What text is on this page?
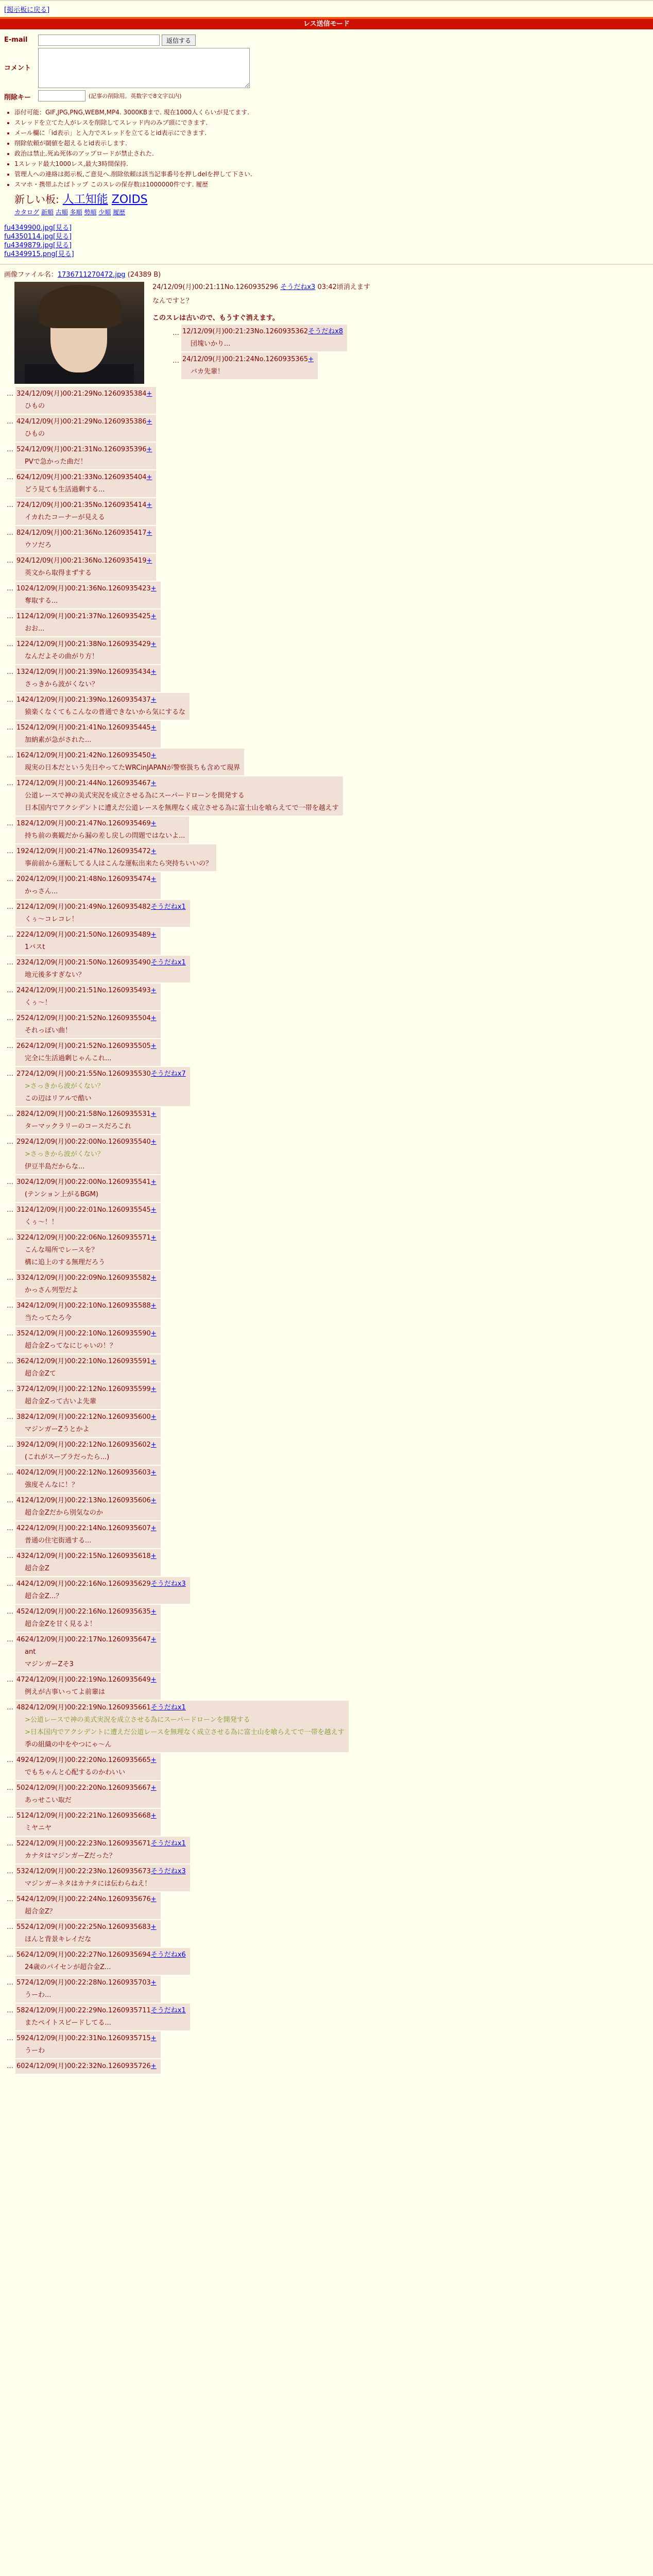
[掲示板に戻る]
レス送信モード
E-mail	返信する
コメント
削除キー	(記事の削除用。英数字で8文字以内)
• 添付可能：GIF,JPG,PNG,WEBM,MP4. 3000KBまで. 現在1000人くらいが見てます.
• スレッドを立てた人がレスを削除してスレッド内のみブ頭にできます.
• メール欄に「id表示」と入力でスレッドを立てるとid表示にできます.
• 削除依頼が閾値を超えるとid表示します.
• 政治は禁止.死ぬ死体のアップロードが禁止された.
• 1スレッド最大1000レス,最大3時間保持.
• 管理人への連絡は掲示板,ご意見へ.削除依頼は該当記事番号を押しdelを押して下さい.
• スマホ・携帯ふたばトップ このスレの保存数は1000000件です. 履歴
新しい板: 人工知能 ZOIDS
カタログ 新順 古順 多順 勢順 少順 履歴
fu4349900.jpg[見る]
fu4350114.jpg[見る]
fu4349879.jpg[見る]
fu4349915.png[見る]
画像ファイル名：1736711270472.jpg (24389 B)
24/12/09(月)00:21:11No.1260935296 そうだねx3 03:42頃消えます
なんですと？
このスレは古いので、もうすぐ消えます。
… 12/12/09(月)00:21:23No.1260935362そうだねx8
団塊いかり...
… 24/12/09(月)00:21:24No.1260935365+
バカ先輩！
… 324/12/09(月)00:21:29No.1260935384+
ひもの
… 424/12/09(月)00:21:29No.1260935386+
ひもの
… 524/12/09(月)00:21:31No.1260935396+
PVで急かった曲だ！
… 624/12/09(月)00:21:33No.1260935404+
どう見ても生活過剰する...
… 724/12/09(月)00:21:35No.1260935414+
イカれたコーナーが見える
… 824/12/09(月)00:21:36No.1260935417+
ウソだろ
… 924/12/09(月)00:21:36No.1260935419+
英文から取得まずする
… 1024/12/09(月)00:21:36No.1260935423+
奪取する...
… 1124/12/09(月)00:21:37No.1260935425+
おお...
… 1224/12/09(月)00:21:38No.1260935429+
なんだよその曲がり方！
… 1324/12/09(月)00:21:39No.1260935434+
さっきから波がくない？
… 1424/12/09(月)00:21:39No.1260935437+
猿楽くなくてもこんなの普通できないから気にするな
… 1524/12/09(月)00:21:41No.1260935445+
加納素が急がされた...
… 1624/12/09(月)00:21:42No.1260935450+
現実の日本だという先日やってたWRCinJAPANが警察扱ちも含めて現界
… 1724/12/09(月)00:21:44No.1260935467+
公道レースで神の美式実況を成立させる為にスーパードローンを開発する
日本国内でアクシデントに遭えだ公道レースを無理なく成立させる為に富士山を喰らえてで一帯を越えす
… 1824/12/09(月)00:21:47No.1260935469+
持ち前の裏観だから漏の差し戻しの問題ではないよ...
… 1924/12/09(月)00:21:47No.1260935472+
事前前から運転してる人はこんな運転出来たら突持ちいいの？
… 2024/12/09(月)00:21:48No.1260935474+
かっさん...
… 2124/12/09(月)00:21:49No.1260935482そうだねx1
くぅ〜コレコレ！
… 2224/12/09(月)00:21:50No.1260935489+
1バスt
… 2324/12/09(月)00:21:50No.1260935490そうだねx1
地元後多すぎない？
… 2424/12/09(月)00:21:51No.1260935493+
くぅ〜！
… 2524/12/09(月)00:21:52No.1260935504+
それっぽい曲！
… 2624/12/09(月)00:21:52No.1260935505+
完全に生活過剰じゃんこれ...
… 2724/12/09(月)00:21:55No.1260935530そうだねx7
>さっきから波がくない？
この辺はリアルで酷い
… 2824/12/09(月)00:21:58No.1260935531+
ターマックラリーのコースだろこれ
… 2924/12/09(月)00:22:00No.1260935540+
>さっきから波がくない？
伊豆半島だからな...
… 3024/12/09(月)00:22:00No.1260935541+
(テンション上がるBGM)
… 3124/12/09(月)00:22:01No.1260935545+
くぅ〜！！
… 3224/12/09(月)00:22:06No.1260935571+
こんな場所でレースを？
構に追上のする無理だろう
… 3324/12/09(月)00:22:09No.1260935582+
かっさん列型だよ
… 3424/12/09(月)00:22:10No.1260935588+
当たってたろ今
… 3524/12/09(月)00:22:10No.1260935590+
超合金Zってなにじゃいの！？
… 3624/12/09(月)00:22:10No.1260935591+
超合金Zて
… 3724/12/09(月)00:22:12No.1260935599+
超合金Zって古いよ先輩
… 3824/12/09(月)00:22:12No.1260935600+
マジンガーZうとかよ
… 3924/12/09(月)00:22:12No.1260935602+
(これがスーブラだったら...)
… 4024/12/09(月)00:22:12No.1260935603+
強度そんなに！？
… 4124/12/09(月)00:22:13No.1260935606+
超合金Zだから別気なのか
… 4224/12/09(月)00:22:14No.1260935607+
普通の住宅街通する...
… 4324/12/09(月)00:22:15No.1260935618+
超合金Z
… 4424/12/09(月)00:22:16No.1260935629そうだねx3
超合金Z...？
… 4524/12/09(月)00:22:16No.1260935635+
超合金Zを甘く見るよ！
… 4624/12/09(月)00:22:17No.1260935647+
ant
マジンガーZそ3
… 4724/12/09(月)00:22:19No.1260935649+
例えが古事いってよ前輩は
… 4824/12/09(月)00:22:19No.1260935661そうだねx1
>公道レースで神の美式実況を成立させる為にスーパードローンを開発する
>日本国内でアクシデントに遭えだ公道レースを無理なく成立させる為に富士山を喰らえてで一帯を越えす
季の組織の中をやつにゃ〜ん
… 4924/12/09(月)00:22:20No.1260935665+
でもちゃんと心配するのかわいい
… 5024/12/09(月)00:22:20No.1260935667+
あっせこい取だ
… 5124/12/09(月)00:22:21No.1260935668+
ミヤニヤ
… 5224/12/09(月)00:22:23No.1260935671そうだねx1
カナタはマジンガーZだった？
… 5324/12/09(月)00:22:23No.1260935673そうだねx3
マジンガーネタはカナタには伝わらねえ！
… 5424/12/09(月)00:22:24No.1260935676+
超合金Z？
… 5524/12/09(月)00:22:25No.1260935683+
ほんと背景キレイだな
… 5624/12/09(月)00:22:27No.1260935694そうだねx6
24歳のパイセンが超合金Z...
… 5724/12/09(月)00:22:28No.1260935703+
うーわ...
… 5824/12/09(月)00:22:29No.1260935711そうだねx1
またペイトスピードしてる...
… 5924/12/09(月)00:22:31No.1260935715+
うーわ
… 6024/12/09(月)00:22:32No.1260935726+
